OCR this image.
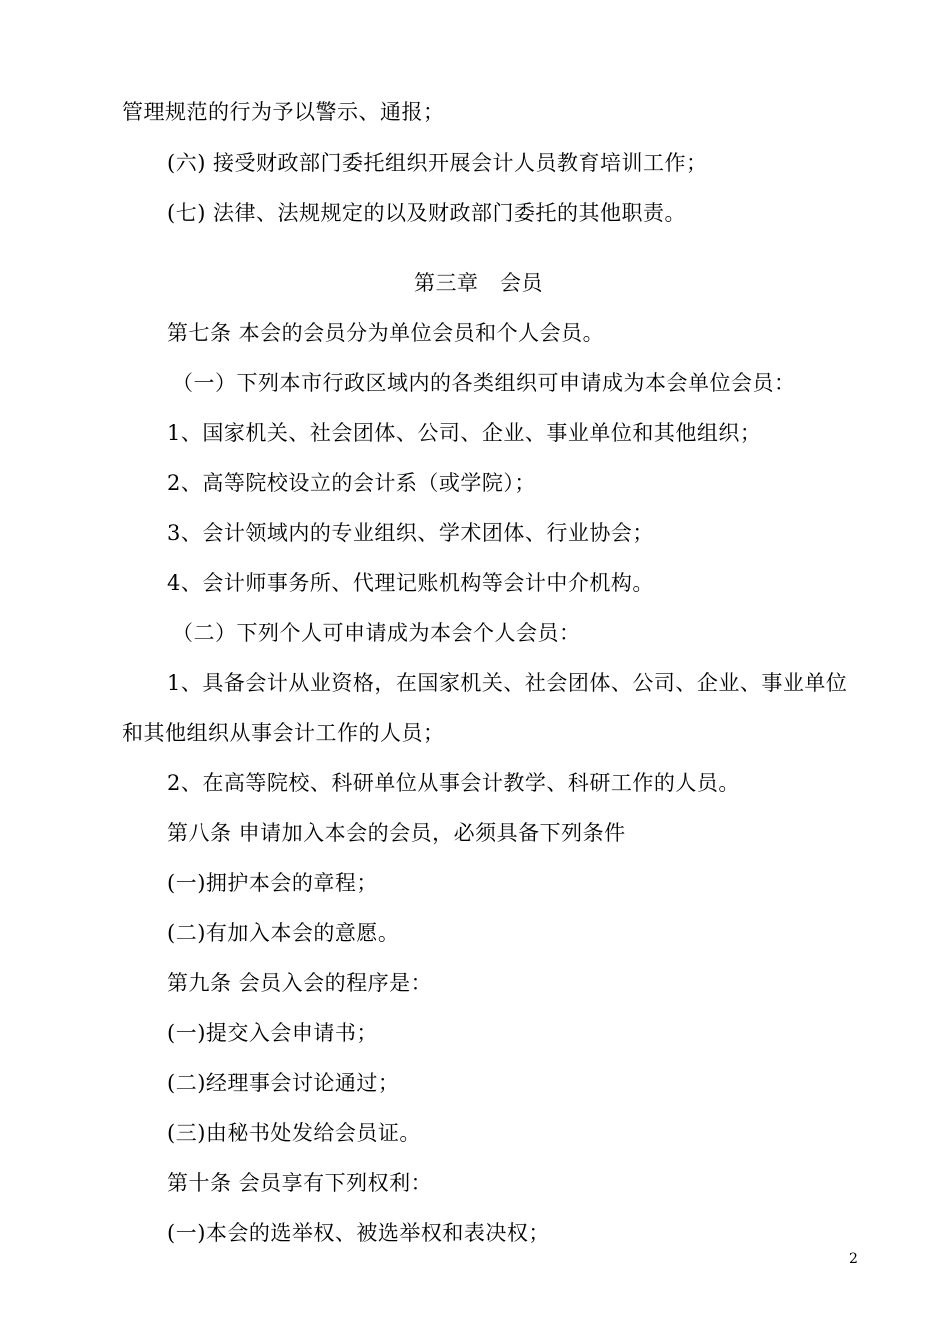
管理规范的行为予以警示、通报；
(六) 接受财政部门委托组织开展会计人员教育培训工作；
(七) 法律、法规规定的以及财政部门委托的其他职责。
第三章　会员
第七条 本会的会员分为单位会员和个人会员。
（一）下列本市行政区域内的各类组织可申请成为本会单位会员：
1、国家机关、社会团体、公司、企业、事业单位和其他组织；
2、高等院校设立的会计系（或学院）；
3、会计领域内的专业组织、学术团体、行业协会；
4、会计师事务所、代理记账机构等会计中介机构。
（二）下列个人可申请成为本会个人会员：
1、具备会计从业资格，在国家机关、社会团体、公司、企业、事业单位
和其他组织从事会计工作的人员；
2、在高等院校、科研单位从事会计教学、科研工作的人员。
第八条 申请加入本会的会员，必须具备下列条件
(一)拥护本会的章程；
(二)有加入本会的意愿。
第九条 会员入会的程序是：
(一)提交入会申请书；
(二)经理事会讨论通过；
(三)由秘书处发给会员证。
第十条 会员享有下列权利：
(一)本会的选举权、被选举权和表决权；
2
